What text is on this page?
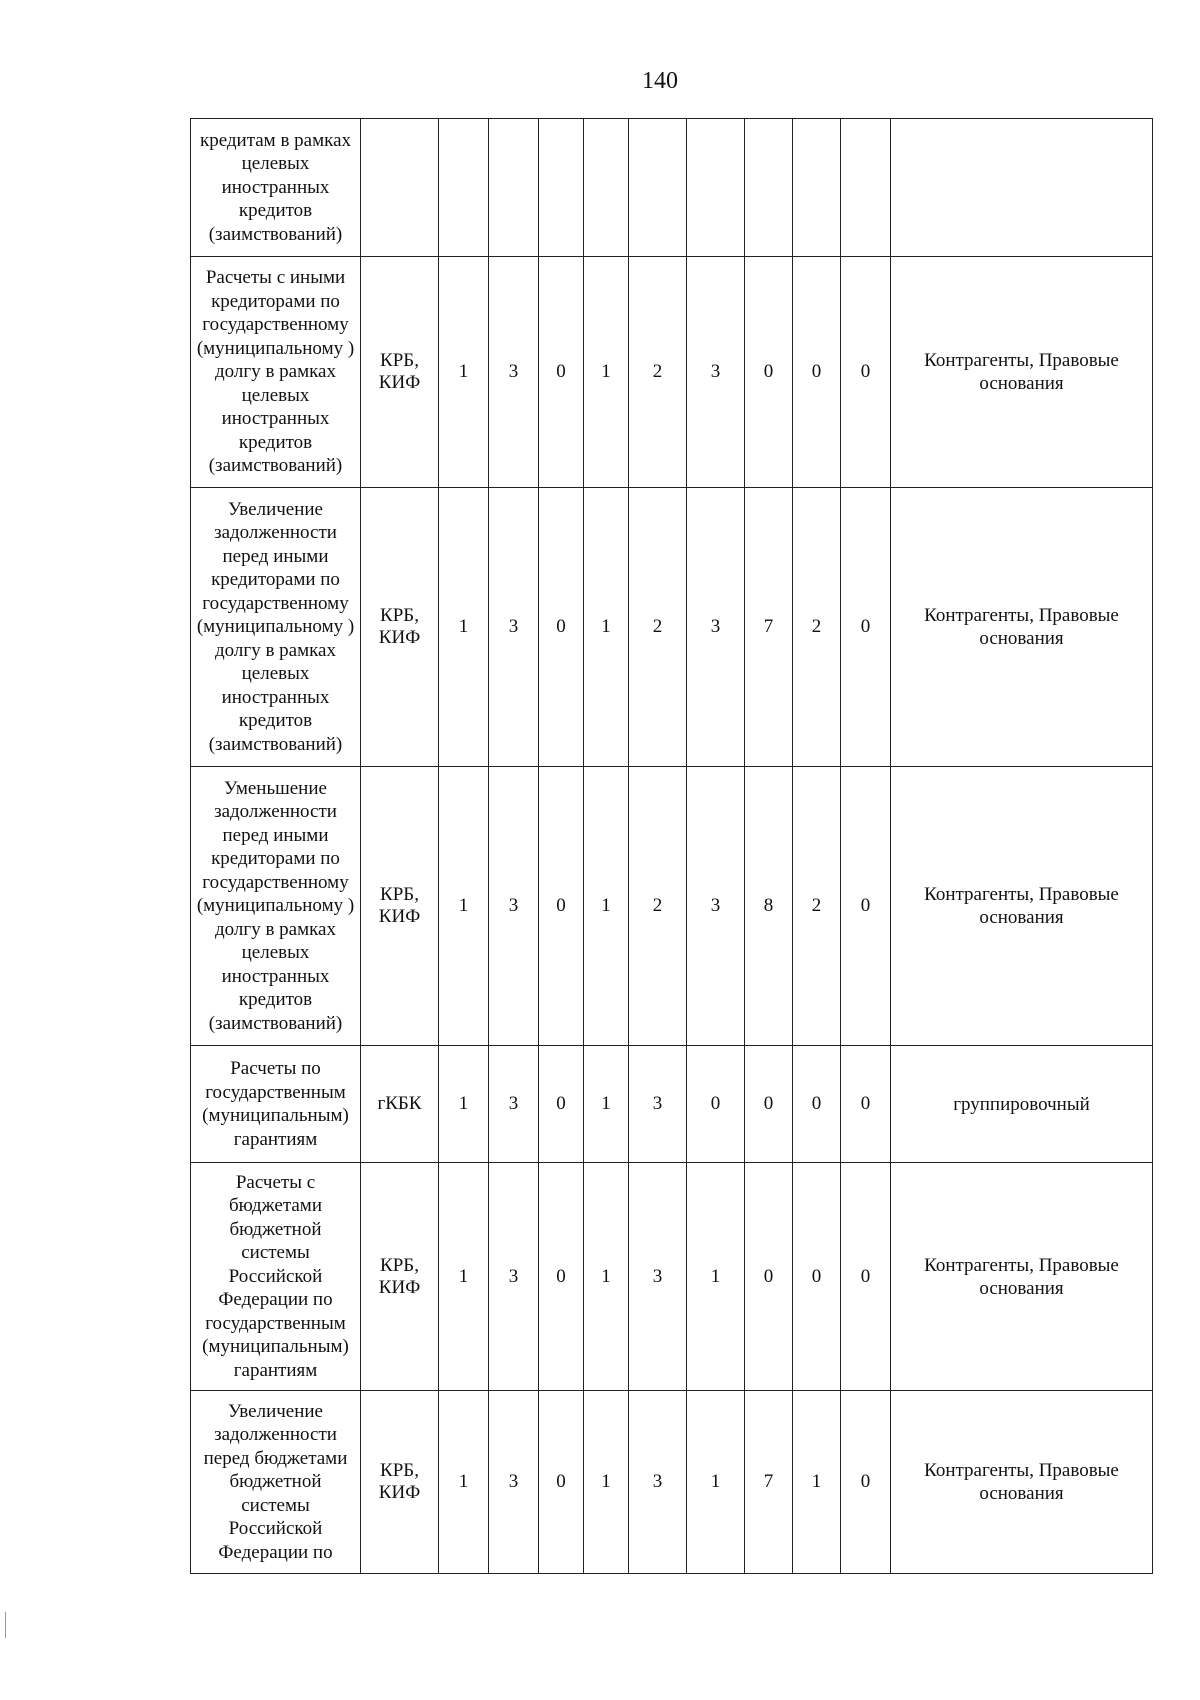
140
кредитам в рамках целевых иностранных кредитов (заимствований)											
Расчеты с иными кредиторами по государственному (муниципальному ) долгу в рамках целевых иностранных кредитов (заимствований)	КРБ, КИФ	1	3	0	1	2	3	0	0	0	Контрагенты, Правовые основания
Увеличение задолженности перед иными кредиторами по государственному (муниципальному ) долгу в рамках целевых иностранных кредитов (заимствований)	КРБ, КИФ	1	3	0	1	2	3	7	2	0	Контрагенты, Правовые основания
Уменьшение задолженности перед иными кредиторами по государственному (муниципальному ) долгу в рамках целевых иностранных кредитов (заимствований)	КРБ, КИФ	1	3	0	1	2	3	8	2	0	Контрагенты, Правовые основания
Расчеты по государственным (муниципальным) гарантиям	гКБК	1	3	0	1	3	0	0	0	0	группировочный
Расчеты с бюджетами бюджетной системы Российской Федерации по государственным (муниципальным) гарантиям	КРБ, КИФ	1	3	0	1	3	1	0	0	0	Контрагенты, Правовые основания
Увеличение задолженности перед бюджетами бюджетной системы Российской Федерации по	КРБ, КИФ	1	3	0	1	3	1	7	1	0	Контрагенты, Правовые основания
